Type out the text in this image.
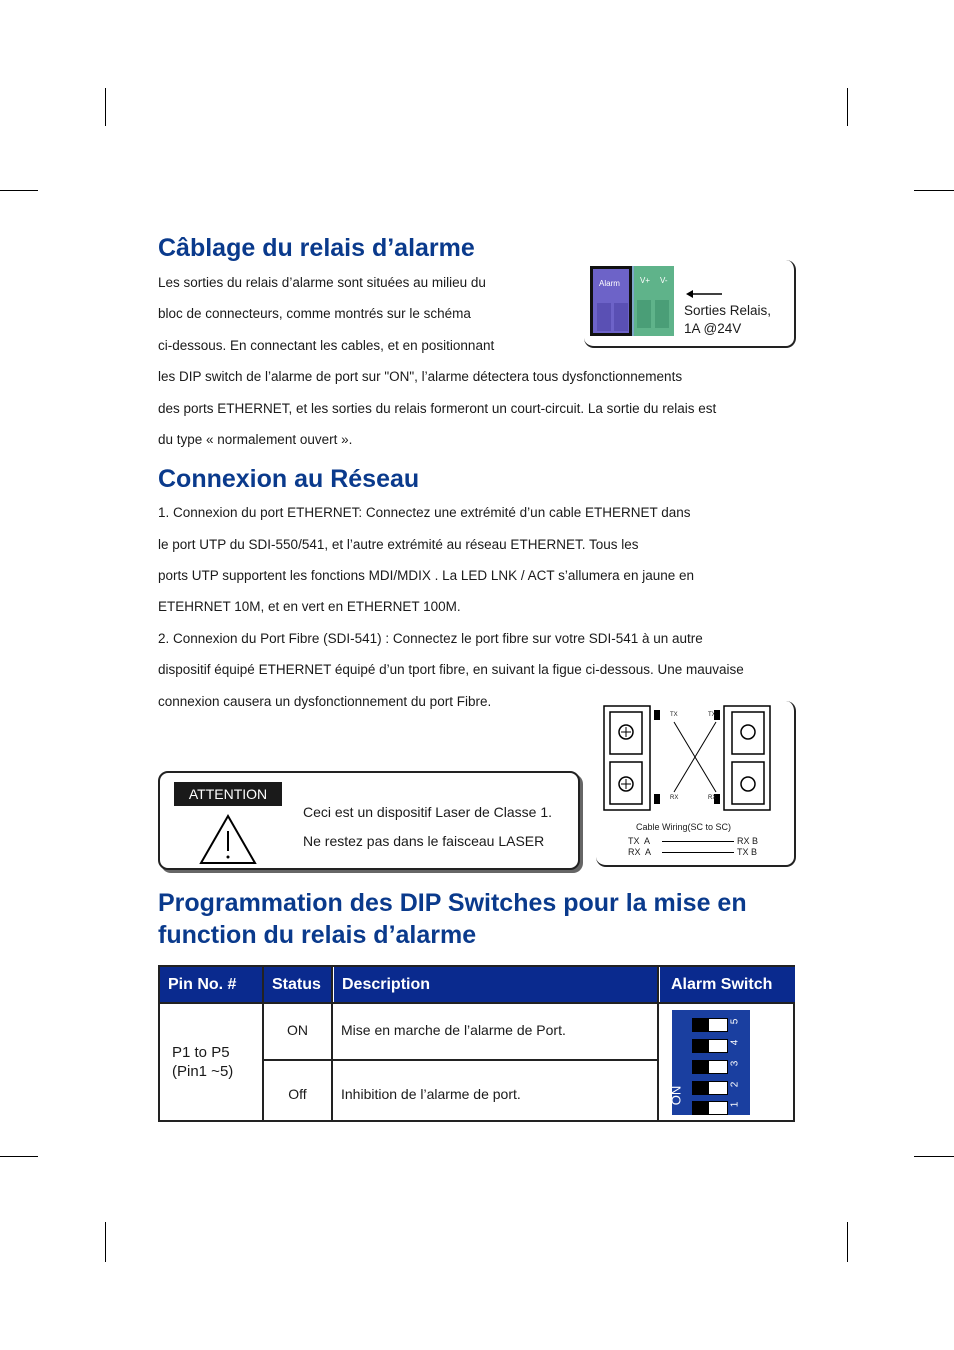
Câblage du relais d’alarme
Les sorties du relais d’alarme sont situées au milieu du
bloc de connecteurs, comme montrés sur le schéma
ci-dessous. En connectant les cables, et en positionnant
les DIP switch de l’alarme de port sur "ON", l’alarme détectera tous dysfonctionnements
des ports ETHERNET, et les sorties du relais formeront un court-circuit. La sortie du relais est
du type « normalement ouvert ».
Alarm	V+ V-
Sorties Relais,
1A @24V
Connexion au Réseau
1. Connexion du port ETHERNET: Connectez une extrémité d’un cable ETHERNET dans
le port UTP du SDI-550/541, et l’autre extrémité au réseau ETHERNET. Tous les
ports UTP supportent les fonctions MDI/MDIX . La LED LNK / ACT s’allumera en jaune en
ETEHRNET 10M, et en vert en ETHERNET 100M.
2. Connexion du Port Fibre (SDI-541) : Connectez le port fibre sur votre SDI-541 à un autre
dispositif équipé ETHERNET équipé d’un tport fibre, en suivant la figue ci-dessous. Une mauvaise
connexion causera un dysfonctionnement du port Fibre.
ATTENTION
Ceci est un dispositif Laser de Classe 1.
Ne restez pas dans le faisceau LASER
TX	TX
RX	RX
Cable Wiring(SC to SC)
TX  A	RX B
RX  A	TX B
Programmation des DIP Switches pour la mise en
function du relais d’alarme
Pin No. #	Status	Description	Alarm Switch
P1 to P5
(Pin1 ~5)
ON	Mise en marche de l’alarme de Port.
Off	Inhibition de l’alarme de port.
5
4
3
2
1
ON
